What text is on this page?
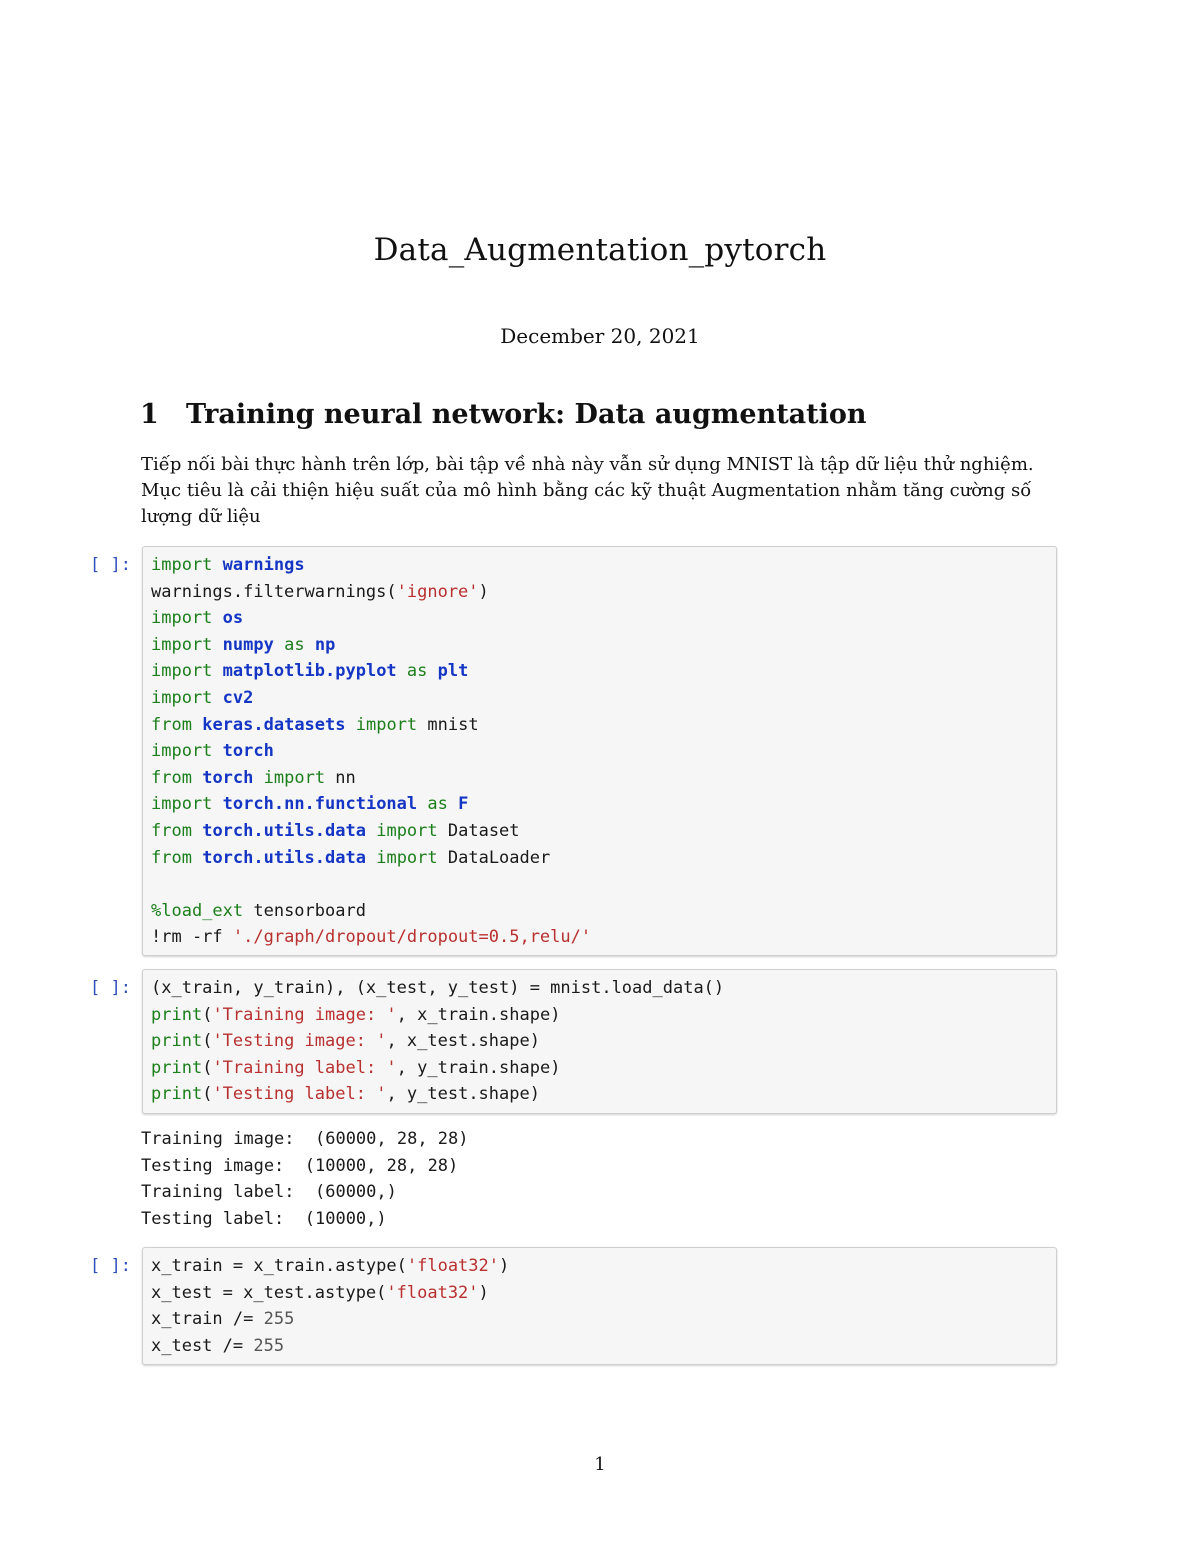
Data_Augmentation_pytorch
December 20, 2021
1 Training neural network: Data augmentation

Tiếp nối bài thực hành trên lớp, bài tập về nhà này vẫn sử dụng MNIST là tập dữ liệu thử nghiệm.
Mục tiêu là cải thiện hiệu suất của mô hình bằng các kỹ thuật Augmentation nhằm tăng cường số
lượng dữ liệu

[ ]:	import warnings
warnings.filterwarnings('ignore')
import os
import numpy as np
import matplotlib.pyplot as plt
import cv2
from keras.datasets import mnist
import torch
from torch import nn
import torch.nn.functional as F
from torch.utils.data import Dataset
from torch.utils.data import DataLoader
%load_ext tensorboard
!rm -rf './graph/dropout/dropout=0.5,relu/'
[ ]:	(x_train, y_train), (x_test, y_test) = mnist.load_data()
print('Training image: ', x_train.shape)
print('Testing image: ', x_test.shape)
print('Training label: ', y_train.shape)
print('Testing label: ', y_test.shape)
Training image:  (60000, 28, 28)
Testing image:  (10000, 28, 28)
Training label:  (60000,)
Testing label:  (10000,)
[ ]:	x_train = x_train.astype('float32')
x_test = x_test.astype('float32')
x_train /= 255
x_test /= 255
1
